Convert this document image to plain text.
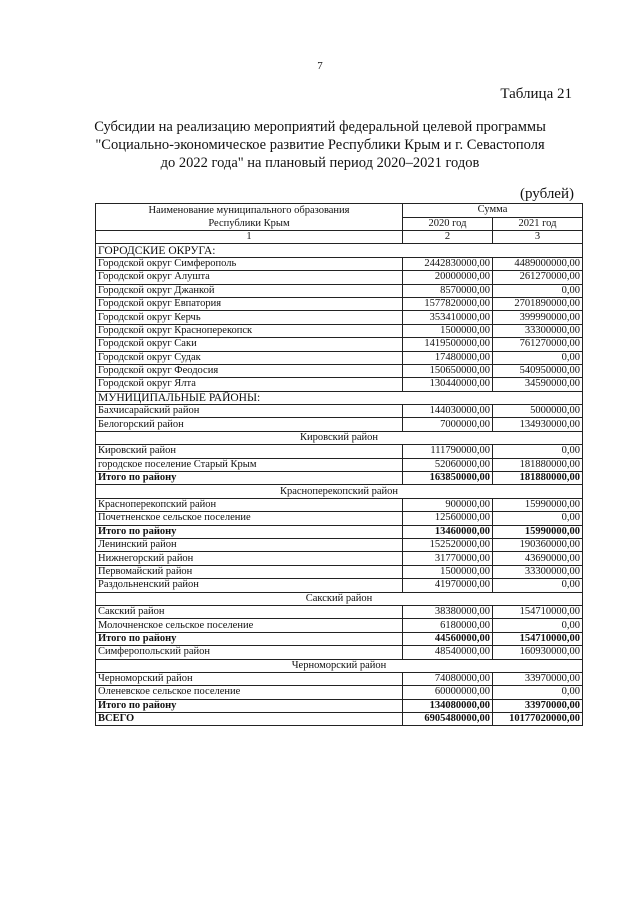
7
Таблица 21
Субсидии на реализацию мероприятий федеральной целевой программы
"Социально-экономическое развитие Республики Крым и г. Севастополя
до 2022 года" на плановый период 2020–2021 годов
(рублей)
Наименование муниципального образования
Республики Крым	Сумма	
	2020 год	2021 год
1	2	3
ГОРОДСКИЕ ОКРУГА:		
Городской округ Симферополь	2442830000,00	4489000000,00
Городской округ Алушта	20000000,00	261270000,00
Городской округ Джанкой	8570000,00	0,00
Городской округ Евпатория	1577820000,00	2701890000,00
Городской округ Керчь	353410000,00	399990000,00
Городской округ Красноперекопск	1500000,00	33300000,00
Городской округ Саки	1419500000,00	761270000,00
Городской округ Судак	17480000,00	0,00
Городской округ Феодосия	150650000,00	540950000,00
Городской округ Ялта	130440000,00	34590000,00
МУНИЦИПАЛЬНЫЕ РАЙОНЫ:		
Бахчисарайский район	144030000,00	5000000,00
Белогорский район	7000000,00	134930000,00
Кировский район		
Кировский район	111790000,00	0,00
городское поселение Старый Крым	52060000,00	181880000,00
Итого по району	163850000,00	181880000,00
Красноперекопский район		
Красноперекопский район	900000,00	15990000,00
Почетненское сельское поселение	12560000,00	0,00
Итого по району	13460000,00	15990000,00
Ленинский район	152520000,00	190360000,00
Нижнегорский район	31770000,00	43690000,00
Первомайский район	1500000,00	33300000,00
Раздольненский район	41970000,00	0,00
Сакский район		
Сакский район	38380000,00	154710000,00
Молочненское сельское поселение	6180000,00	0,00
Итого по району	44560000,00	154710000,00
Симферопольский район	48540000,00	160930000,00
Черноморский район		
Черноморский район	74080000,00	33970000,00
Оленевское сельское поселение	60000000,00	0,00
Итого по району	134080000,00	33970000,00
ВСЕГО	6905480000,00	10177020000,00
